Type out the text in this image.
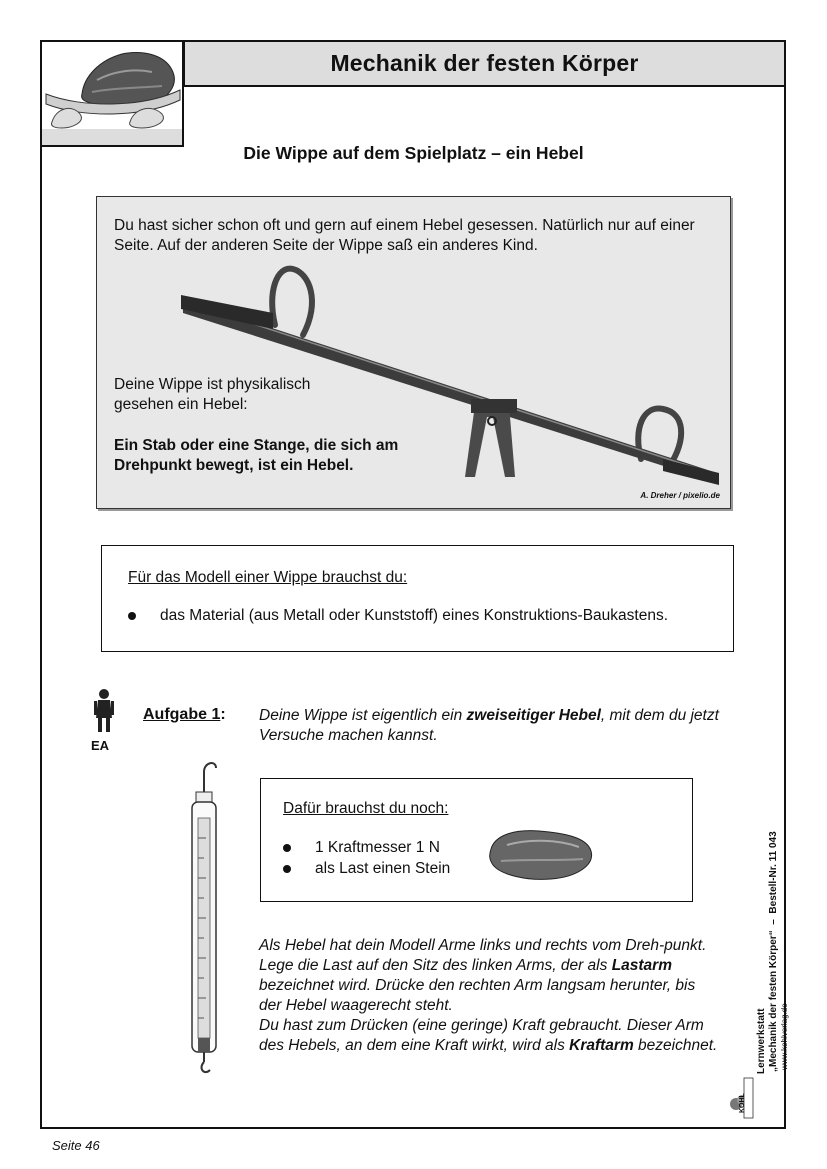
Mechanik der festen Körper
Die Wippe auf dem Spielplatz – ein Hebel
Du hast sicher schon oft und gern auf einem Hebel gesessen. Natürlich nur auf einer Seite. Auf der anderen Seite der Wippe saß ein anderes Kind.
Deine Wippe ist physikalisch gesehen ein Hebel:
Ein Stab oder eine Stange, die sich am Drehpunkt bewegt, ist ein Hebel.
A. Dreher / pixelio.de
Für das Modell einer Wippe brauchst du:
das Material (aus Metall oder Kunststoff) eines Konstruktions-Baukastens.
EA
Aufgabe 1: Deine Wippe ist eigentlich ein zweiseitiger Hebel, mit dem du jetzt Versuche machen kannst.
Dafür brauchst du noch:
1 Kraftmesser 1 N
als Last einen Stein
Als Hebel hat dein Modell Arme links und rechts vom Dreh-punkt.
Lege die Last auf den Sitz des linken Arms, der als Lastarm bezeichnet wird. Drücke den rechten Arm langsam herunter, bis der Hebel waagerecht steht.
Du hast zum Drücken (eine geringe) Kraft gebraucht. Dieser Arm des Hebels, an dem eine Kraft wirkt, wird als Kraftarm bezeichnet.	„Mechanik der festen Körper“  –  Bestell-Nr. 11 043
Lernwerkstatt www.kohlverlag.de
KOHL
Seite 46
